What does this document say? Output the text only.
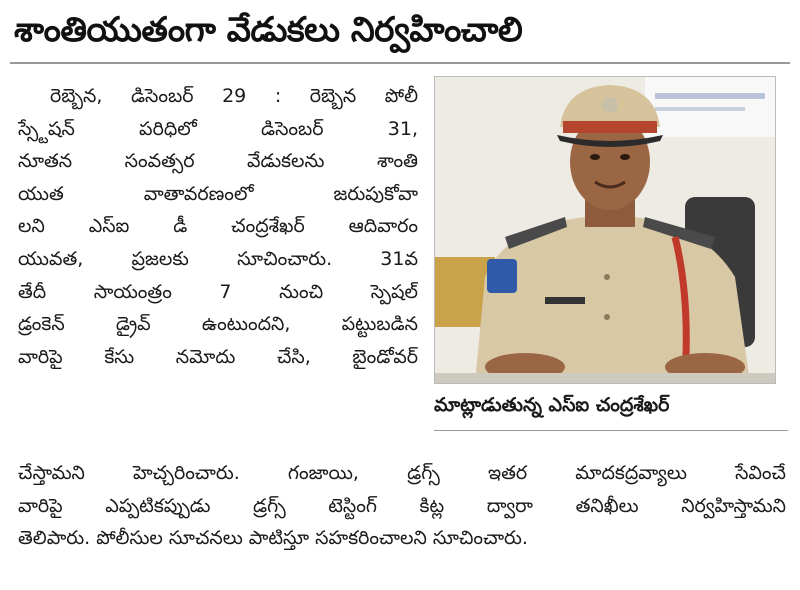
శాంతియుతంగా వేడుకలు నిర్వహించాలి
రెబ్బెన, డిసెంబర్ 29 : రెబ్బెన పోలీ
స్స్టేషన్ పరిధిలో డిసెంబర్ 31,
నూతన సంవత్సర వేడుకలను శాంతి
యుత వాతావరణంలో జరుపుకోవా
లని ఎస్ఐ డీ చంద్రశేఖర్ ఆదివారం
యువత, ప్రజలకు సూచించారు. 31వ
తేదీ సాయంత్రం 7 నుంచి స్పెషల్
డ్రంకెన్ డ్రైవ్ ఉంటుందని, పట్టుబడిన
వారిపై కేసు నమోదు చేసి, బైండోవర్
మాట్లాడుతున్న ఎస్ఐ చంద్రశేఖర్
చేస్తామని హెచ్చరించారు. గంజాయి, డ్రగ్స్ ఇతర మాదకద్రవ్యాలు సేవించే
వారిపై ఎప్పటికప్పుడు డ్రగ్స్ టెస్టింగ్ కిట్ల ద్వారా తనిఖీలు నిర్వహిస్తామని
తెలిపారు. పోలీసుల సూచనలు పాటిస్తూ సహకరించాలని సూచించారు.
